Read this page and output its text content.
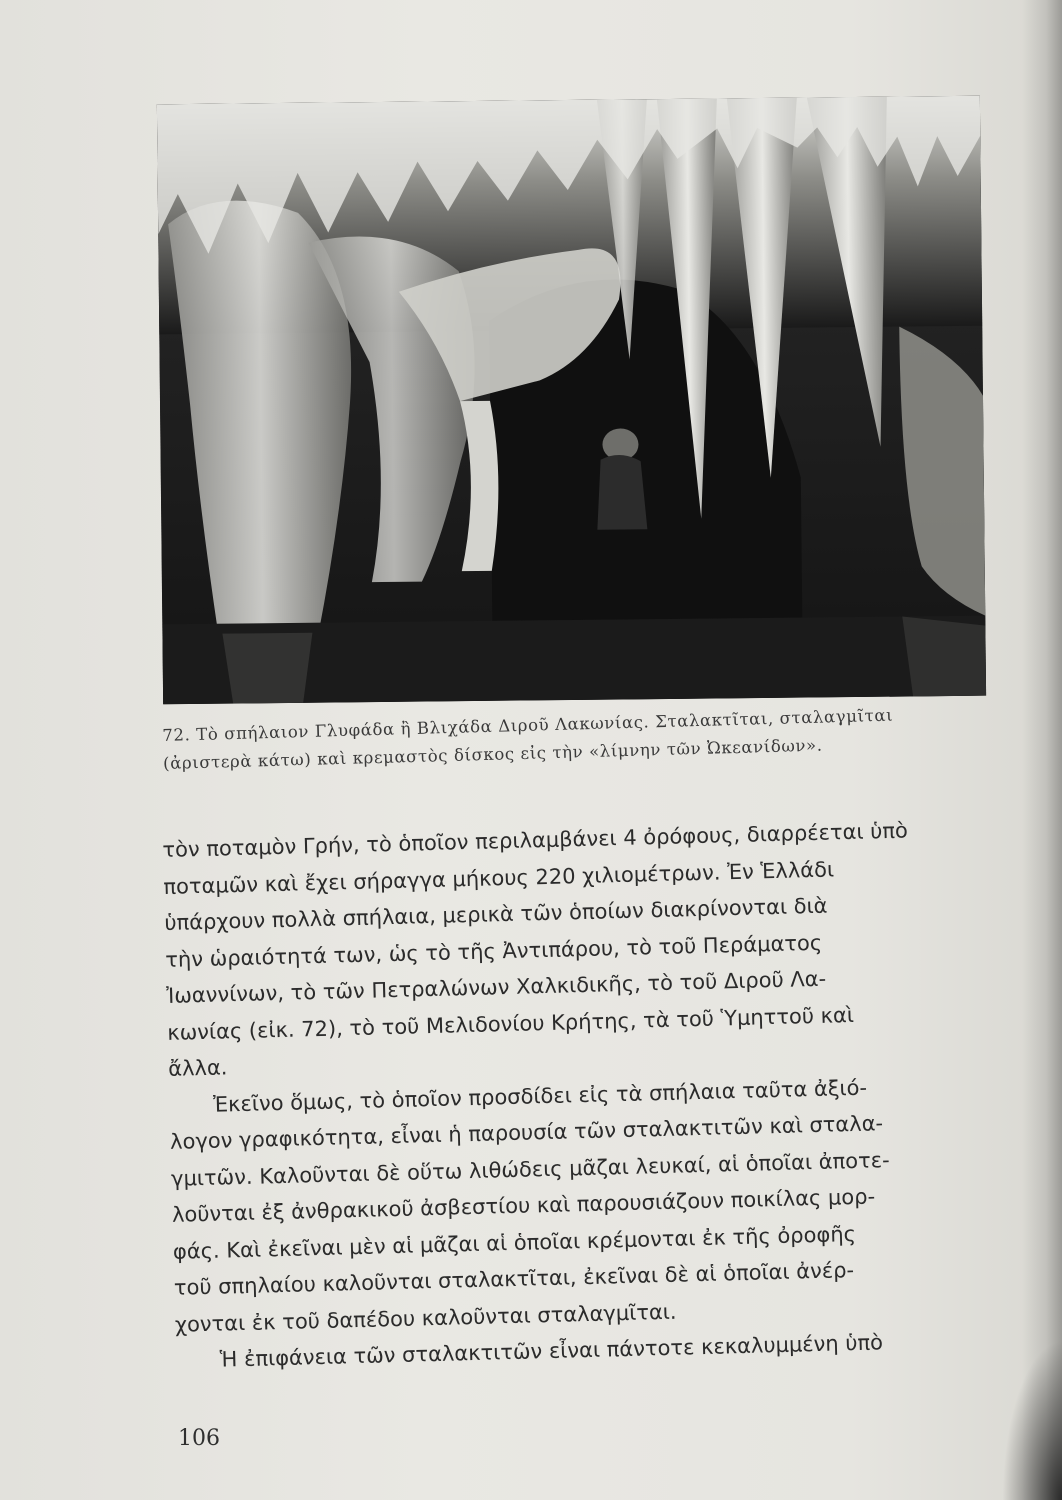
72. Τὸ σπήλαιον Γλυφάδα ἢ Βλιχάδα Διροῦ Λακωνίας. Σταλακτῖται, σταλαγμῖται
(ἀριστερὰ κάτω) καὶ κρεμαστὸς δίσκος εἰς τὴν «λίμνην τῶν Ὠκεανίδων».
τὸν ποταμὸν Γρήν, τὸ ὁποῖον περιλαμβάνει 4 ὀρόφους, διαρρέεται ὑπὸ
ποταμῶν καὶ ἔχει σήραγγα μήκους 220 χιλιομέτρων. Ἐν Ἑλλάδι
ὑπάρχουν πολλὰ σπήλαια, μερικὰ τῶν ὁποίων διακρίνονται διὰ
τὴν ὡραιότητά των, ὡς τὸ τῆς Ἀντιπάρου, τὸ τοῦ Περάματος
Ἰωαννίνων, τὸ τῶν Πετραλώνων Χαλκιδικῆς, τὸ τοῦ Διροῦ Λα-
κωνίας (εἰκ. 72), τὸ τοῦ Μελιδονίου Κρήτης, τὰ τοῦ Ὑμηττοῦ καὶ
ἄλλα.
Ἐκεῖνο ὅμως, τὸ ὁποῖον προσδίδει εἰς τὰ σπήλαια ταῦτα ἀξιό-
λογον γραφικότητα, εἶναι ἡ παρουσία τῶν σταλακτιτῶν καὶ σταλα-
γμιτῶν. Καλοῦνται δὲ οὕτω λιθώδεις μᾶζαι λευκαί, αἱ ὁποῖαι ἀποτε-
λοῦνται ἐξ ἀνθρακικοῦ ἀσβεστίου καὶ παρουσιάζουν ποικίλας μορ-
φάς. Καὶ ἐκεῖναι μὲν αἱ μᾶζαι αἱ ὁποῖαι κρέμονται ἐκ τῆς ὀροφῆς
τοῦ σπηλαίου καλοῦνται σταλακτῖται, ἐκεῖναι δὲ αἱ ὁποῖαι ἀνέρ-
χονται ἐκ τοῦ δαπέδου καλοῦνται σταλαγμῖται.
Ἡ ἐπιφάνεια τῶν σταλακτιτῶν εἶναι πάντοτε κεκαλυμμένη ὑπὸ
106
